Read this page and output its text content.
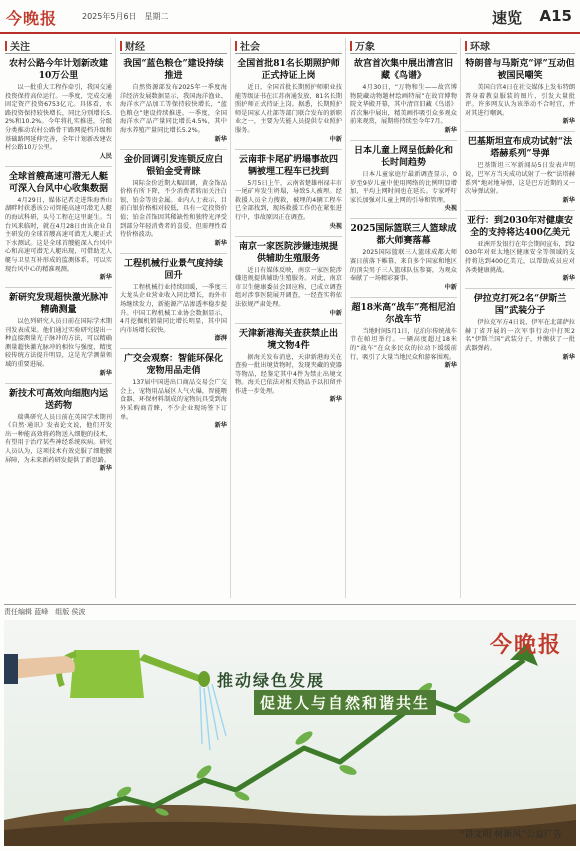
今晚报	2025年5月6日　星期二	速览 A15
关注
农村公路今年计划新改建10万公里
以一批重大工程作牵引，我国交通投资保持高位运行。一季度，完成交通固定资产投资6753亿元。具体看，水路投资保持较快增长，同比分别增长5.2%和10.2%。今年将扎实推进，分级分类推动农村公路骨干路网提档升级和基础路网延伸完善，全年计划新改建农村公路10万公里。
人民
全球首艘高速可潜无人艇可深入台风中心收集数据
4月29日，媒体记者走进珠海香山湖畔时获悉该公司智能高速可潜无人艇的海试科研，头号工程在这里诞生。当台风来临时，就在4月28日由该企业自主研发的全球首艘高速可潜无人艇正式下水测试。这是全球首艘能深入台风中心和高速可潜无人艇出现，可借助无人艇与卫星互补形成的监测体系，可以实现台风中心的精准观测。
新华
新研究发现超快激光脉冲精确测量
以色列研究人员日前在国际学术期刊发表成果。他们通过实验研究提出一种直接测量光子脉冲的方法，可以精确测量超快激光脉冲的相位与强度，精度较传统方法提升明显，这是光学测量领域的重要进展。
新华
新技术可高效向细胞内运送药物
瑞典研究人员日前在英国学术期刊《自然·通讯》发表论文说，他们开发出一种能高效将药物送入细胞的技术，有望用于治疗某些神经系统疾病。研究人员认为，这项技术有效克服了细胞膜屏障，为未来新药研发提供了新思路。
新华
财经
我国“蓝色粮仓”建设持续推进
自然资源部发布2025年一季度海洋经济发展数据显示，我国海洋渔业、海洋水产品加工等保持较快增长，“蓝色粮仓”建设持续推进。一季度，全国海洋水产品产量同比增长4.5%，其中海水养殖产量同比增长5.2%。
新华
金价回调引发连锁反应白银铂金受青睐
国际金价近期大幅回调，黄金饰品价格有所下降，不少消费者转而关注白银、铂金等贵金属。业内人士表示，目前白银价格相对较低，具有一定投资价值；铂金首饰因其稀缺性和独特光泽受到部分年轻消费者的喜爱，但需理性看待价格波动。
新华
工程机械行业景气度持续回升
工程机械行业持续回暖，一季度三大龙头企业营业收入同比增长，海外市场继续发力，新能源产品渗透率稳步提升。中国工程机械工业协会数据显示，4月挖掘机销量同比增长明显，其中国内市场增长较快。
澎湃
广交会观察：智能环保化宠物用品走俏
137届中国进出口商品交易会广交会上，宠物用品展区人气火爆，智能喂食器、环保材料制成的宠物玩具受到海外采购商青睐，不少企业现场签下订单。
新华
社会
全国首批81名长期照护师正式持证上岗
近日，全国首批长期照护师职业技能等级证书在江苏南通发放，81名长期照护师正式持证上岗。据悉，长期照护师是国家人社部等部门联合发布的新职业之一，主要为失能人员提供专业照护服务。
中新
云南菲卡尾矿坍塌事故四辆被埋工程车已找到
5月5日上午，云南省楚雄州禄丰市一尾矿库发生坍塌，导致5人被埋。经救援人员全力搜救，被埋的4辆工程车已全部找到，现场救援工作仍在紧张进行中，事故原因正在调查。
央视
南京一家医院涉嫌违规提供辅助生殖服务
近日有媒体反映，南京一家医院涉嫌违规提供辅助生殖服务。对此，南京市卫生健康委员会回应称，已成立调查组对涉事医院展开调查，一经查实将依法依规严肃处理。
中新
天津新港海关查获禁止出境文物4件
据海关发布消息，天津新港海关在查验一批出境货物时，发现夹藏的瓷器等物品，经鉴定其中4件为禁止出境文物。海关已依法对相关物品予以扣留并作进一步处理。
新华
万象
故宫首次集中展出清宫旧藏《鸟谱》
4月30日，“万物和生——故宫博物院藏动物题材绘画特展”在故宫博物院文华殿开幕，其中清宫旧藏《鸟谱》首次集中展出，精美画作吸引众多观众前来观赏，展期将持续至今年7月。
新华
日本儿童上网呈低龄化和长时间趋势
日本儿童家庭厅最新调查显示，0岁至9岁儿童中使用网络的比例明显增加，平均上网时间也在延长。专家呼吁家长加强对儿童上网的引导和管理。
央视
2025国际篮联三人篮球成都大师赛落幕
2025国际篮联三人篮球成都大师赛日前落下帷幕，来自多个国家和地区的顶尖男子三人篮球队伍参赛，为观众奉献了一场精彩赛事。
中新
超18米高“战车”亮相尼泊尔战车节
当地时间5月1日，尼泊尔传统战车节在帕坦举行。一辆高度超过18米的“战车”在众多民众的拉动下缓缓前行，吸引了大量当地民众和游客围观。
新华
环球
特朗普与马斯克“评”互动但被国民嘲笑
美国白宫4日在社交媒体上发布特朗普身着教皇服装的图片，引发大量批评。许多网友认为该举动不合时宜，并对其进行嘲讽。
新华
巴基斯坦宣布成功试射“法塔赫系列”导弹
巴基斯坦三军新闻局5日发表声明说，巴军方当天成功试射了一枚“法塔赫系列”地对地导弹，这是巴方近期的又一次导弹试射。
新华
亚行：到2030年对健康安全的支持将达400亿美元
亚洲开发银行在年会期间宣布，到2030年对亚太地区健康安全等领域的支持将达到400亿美元，以帮助成员应对各类健康挑战。
新华
伊拉克打死2名“伊斯兰国”武装分子
伊拉克军方4日说，伊军在北部萨拉赫丁省开展的一次军事行动中打死2名“伊斯兰国”武装分子，并缴获了一批武器弹药。
新华
责任编辑 蓝峰　组版 侯波
今晚报
推动绿色发展
促进人与自然和谐共生
“讲文明 树新风”公益广告
